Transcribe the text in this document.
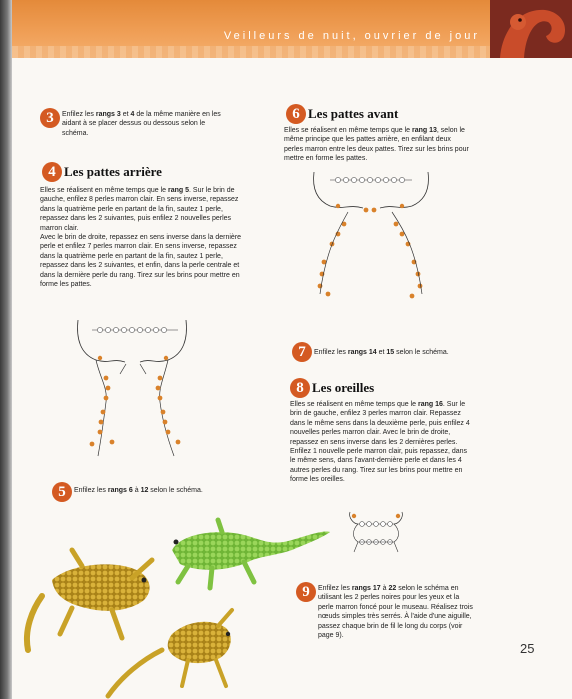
Veilleurs de nuit, ouvrier de jour
3	Enfilez les rangs 3 et 4 de la même manière en les aidant à se placer dessus ou dessous selon le schéma.
4 Les pattes arrière
Elles se réalisent en même temps que le rang 5. Sur le brin de gauche, enfilez 8 perles marron clair. En sens inverse, repassez dans la quatrième perle en partant de la fin, sautez 1 perle, repassez dans les 2 suivantes, puis enfilez 2 nouvelles perles marron clair.
Avec le brin de droite, repassez en sens inverse dans la dernière perle et enfilez 7 perles marron clair. En sens inverse, repassez dans la quatrième perle en partant de la fin, sautez 1 perle, repassez dans les 2 suivantes, et enfin, dans la perle centrale et dans la dernière perle du rang. Tirez sur les brins pour mettre en forme les pattes.
5	Enfilez les rangs 6 à 12 selon le schéma.
6 Les pattes avant
Elles se réalisent en même temps que le rang 13, selon le même principe que les pattes arrière, en enfilant deux perles marron entre les deux pattes. Tirez sur les brins pour mettre en forme les pattes.
7	Enfilez les rangs 14 et 15 selon le schéma.
8 Les oreilles
Elles se réalisent en même temps que le rang 16. Sur le brin de gauche, enfilez 3 perles marron clair. Repassez dans le même sens dans la deuxième perle, puis enfilez 4 nouvelles perles marron clair. Avec le brin de droite, repassez en sens inverse dans les 2 dernières perles. Enfilez 1 nouvelle perle marron clair, puis repassez, dans le même sens, dans l'avant-dernière perle et dans les 4 autres perles du rang. Tirez sur les brins pour mettre en forme les oreilles.
9	Enfilez les rangs 17 à 22 selon le schéma en utilisant les 2 perles noires pour les yeux et la perle marron foncé pour le museau. Réalisez trois nœuds simples très serrés. À l'aide d'une aiguille, passez chaque brin de fil le long du corps (voir page 9).
25
